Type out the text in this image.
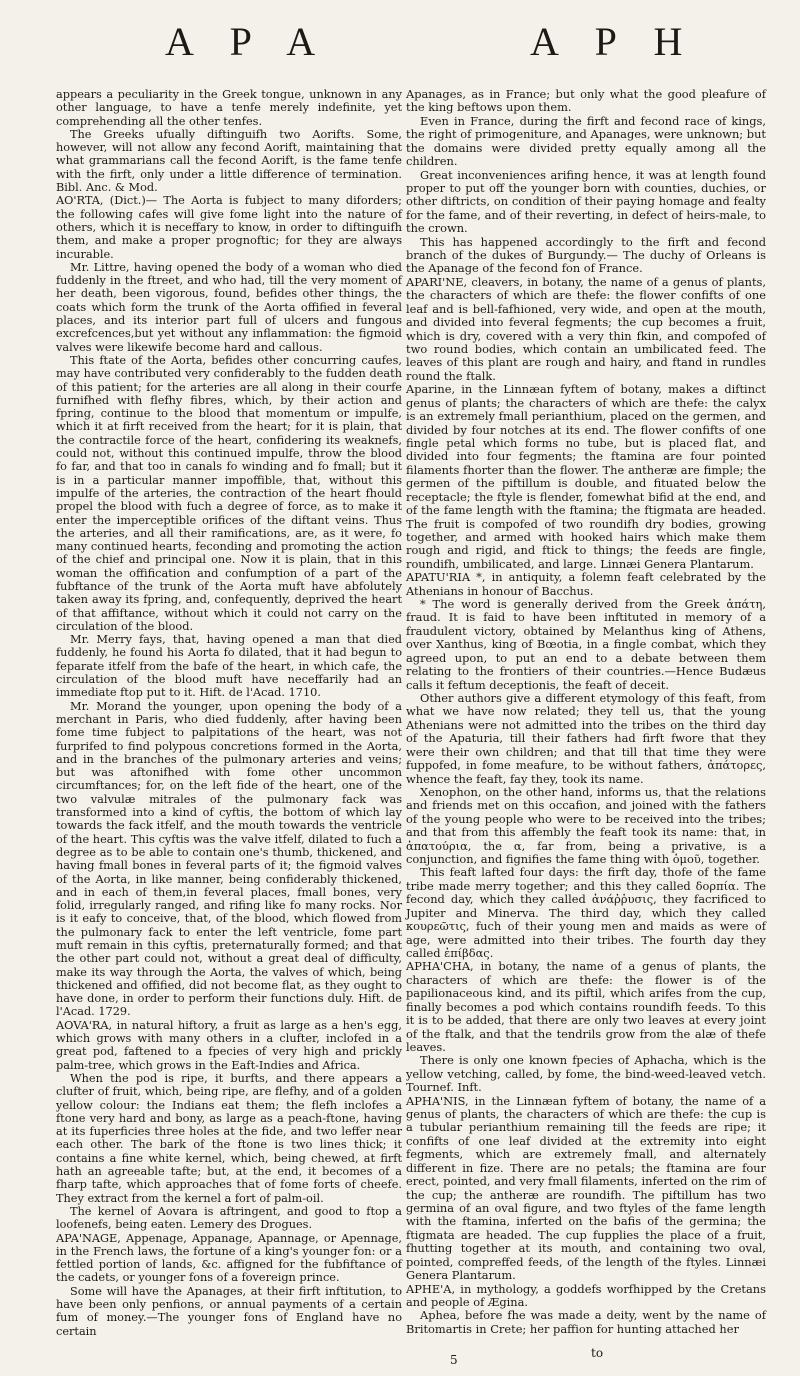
A P A	A P H

appears a peculiarity in the Greek tongue, unknown in any other language, to have a tenfe merely indefinite, yet comprehending all the other tenfes.

The Greeks ufually diftinguifh two Aorifts. Some, however, will not allow any fecond Aorift, maintaining that what grammarians call the fecond Aorift, is the fame tenfe with the firft, only under a little difference of termination. Bibl. Anc. & Mod.

AO'RTA, (Dict.)— The Aorta is fubject to many diforders; the following cafes will give fome light into the nature of others, which it is neceffary to know, in order to diftinguifh them, and make a proper prognoftic; for they are always incurable.

Mr. Littre, having opened the body of a woman who died fuddenly in the ftreet, and who had, till the very moment of her death, been vigorous, found, befides other things, the coats which form the trunk of the Aorta offified in feveral places, and its interior part full of ulcers and fungous excrefcences,but yet without any inflammation: the figmoid valves were likewife become hard and callous.

This ftate of the Aorta, befides other concurring caufes, may have contributed very confiderably to the fudden death of this patient; for the arteries are all along in their courfe furnifhed with flefhy fibres, which, by their action and fpring, continue to the blood that momentum or impulfe, which it at firft received from the heart; for it is plain, that the contractile force of the heart, confidering its weaknefs, could not, without this continued impulfe, throw the blood fo far, and that too in canals fo winding and fo fmall; but it is in a particular manner impoffible, that, without this impulfe of the arteries, the contraction of the heart fhould propel the blood with fuch a degree of force, as to make it enter the imperceptible orifices of the diftant veins. Thus the arteries, and all their ramifications, are, as it were, fo many continued hearts, feconding and promoting the action of the chief and principal one. Now it is plain, that in this woman the offification and confumption of a part of the fubftance of the trunk of the Aorta muft have abfolutely taken away its fpring, and, confequently, deprived the heart of that affiftance, without which it could not carry on the circulation of the blood.

Mr. Merry fays, that, having opened a man that died fuddenly, he found his Aorta fo dilated, that it had begun to feparate itfelf from the bafe of the heart, in which cafe, the circulation of the blood muft have neceffarily had an immediate ftop put to it. Hift. de l'Acad. 1710.

Mr. Morand the younger, upon opening the body of a merchant in Paris, who died fuddenly, after having been fome time fubject to palpitations of the heart, was not furprifed to find polypous concretions formed in the Aorta, and in the branches of the pulmonary arteries and veins; but was aftonifhed with fome other uncommon circumftances; for, on the left fide of the heart, one of the two valvulæ mitrales of the pulmonary fack was transformed into a kind of cyftis, the bottom of which lay towards the fack itfelf, and the mouth towards the ventricle of the heart. This cyftis was the valve itfelf, dilated to fuch a degree as to be able to contain one's thumb, thickened, and having fmall bones in feveral parts of it; the figmoid valves of the Aorta, in like manner, being confiderably thickened, and in each of them,in feveral places, fmall bones, very folid, irregularly ranged, and rifing like fo many rocks. Nor is it eafy to conceive, that, of the blood, which flowed from the pulmonary fack to enter the left ventricle, fome part muft remain in this cyftis, preternaturally formed; and that the other part could not, without a great deal of difficulty, make its way through the Aorta, the valves of which, being thickened and offified, did not become flat, as they ought to have done, in order to perform their functions duly. Hift. de l'Acad. 1729.

AOVA'RA, in natural hiftory, a fruit as large as a hen's egg, which grows with many others in a clufter, inclofed in a great pod, faftened to a fpecies of very high and prickly palm-tree, which grows in the Eaft-Indies and Africa.

When the pod is ripe, it burfts, and there appears a clufter of fruit, which, being ripe, are flefhy, and of a golden yellow colour: the Indians eat them; the flefh inclofes a ftone very hard and bony, as large as a peach-ftone, having at its fuperficies three holes at the fide, and two leffer near each other. The bark of the ftone is two lines thick; it contains a fine white kernel, which, being chewed, at firft hath an agreeable tafte; but, at the end, it becomes of a fharp tafte, which approaches that of fome forts of cheefe. They extract from the kernel a fort of palm-oil.

The kernel of Aovara is aftringent, and good to ftop a loofenefs, being eaten. Lemery des Drogues.

APA'NAGE, Appenage, Appanage, Apannage, or Apennage, in the French laws, the fortune of a king's younger fon: or a fettled portion of lands, &c. affigned for the fubfiftance of the cadets, or younger fons of a fovereign prince.

Some will have the Apanages, at their firft inftitution, to have been only penfions, or annual payments of a certain fum of money.—The younger fons of England have no certain

Apanages, as in France; but only what the good pleafure of the king beftows upon them.

Even in France, during the firft and fecond race of kings, the right of primogeniture, and Apanages, were unknown; but the domains were divided pretty equally among all the children.

Great inconveniences arifing hence, it was at length found proper to put off the younger born with counties, duchies, or other diftricts, on condition of their paying homage and fealty for the fame, and of their reverting, in defect of heirs-male, to the crown.

This has happened accordingly to the firft and fecond branch of the dukes of Burgundy.— The duchy of Orleans is the Apanage of the fecond fon of France.

APARI'NE, cleavers, in botany, the name of a genus of plants, the characters of which are thefe: the flower confifts of one leaf and is bell-fafhioned, very wide, and open at the mouth, and divided into feveral fegments; the cup becomes a fruit, which is dry, covered with a very thin fkin, and compofed of two round bodies, which contain an umbilicated feed. The leaves of this plant are rough and hairy, and ftand in rundles round the ftalk.

Aparine, in the Linnæan fyftem of botany, makes a diftinct genus of plants; the characters of which are thefe: the calyx is an extremely fmall perianthium, placed on the germen, and divided by four notches at its end. The flower confifts of one fingle petal which forms no tube, but is placed flat, and divided into four fegments; the ftamina are four pointed filaments fhorter than the flower. The antheræ are fimple; the germen of the piftillum is double, and fituated below the receptacle; the ftyle is flender, fomewhat bifid at the end, and of the fame length with the ftamina; the ftigmata are headed. The fruit is compofed of two roundifh dry bodies, growing together, and armed with hooked hairs which make them rough and rigid, and ftick to things; the feeds are fingle, roundifh, umbilicated, and large. Linnæi Genera Plantarum.

APATU'RIA *, in antiquity, a folemn feaft celebrated by the Athenians in honour of Bacchus.

* The word is generally derived from the Greek ἀπάτη, fraud. It is faid to have been inftituted in memory of a fraudulent victory, obtained by Melanthus king of Athens, over Xanthus, king of Bœotia, in a fingle combat, which they agreed upon, to put an end to a debate between them relating to the frontiers of their countries.—Hence Budæus calls it feftum deceptionis, the feaft of deceit.

Other authors give a different etymology of this feaft, from what we have now related; they tell us, that the young Athenians were not admitted into the tribes on the third day of the Apaturia, till their fathers had firft fwore that they were their own children; and that till that time they were fuppofed, in fome meafure, to be without fathers, ἀπάτορες, whence the feaft, fay they, took its name.

Xenophon, on the other hand, informs us, that the relations and friends met on this occafion, and joined with the fathers of the young people who were to be received into the tribes; and that from this affembly the feaft took its name: that, in ἀπατούρια, the α, far from, being a privative, is a conjunction, and fignifies the fame thing with ὁμοῦ, together.

This feaft lafted four days: the firft day, thofe of the fame tribe made merry together; and this they called δορπία. The fecond day, which they called ἀνάῤῥυσις, they facrificed to Jupiter and Minerva. The third day, which they called κουρεῶτις, fuch of their young men and maids as were of age, were admitted into their tribes. The fourth day they called ἐπίβδας.

APHA'CHA, in botany, the name of a genus of plants, the characters of which are thefe: the flower is of the papilionaceous kind, and its piftil, which arifes from the cup, finally becomes a pod which contains roundifh feeds. To this it is to be added, that there are only two leaves at every joint of the ftalk, and that the tendrils grow from the alæ of thefe leaves.

There is only one known fpecies of Aphacha, which is the yellow vetching, called, by fome, the bind-weed-leaved vetch. Tournef. Inft.

APHA'NIS, in the Linnæan fyftem of botany, the name of a genus of plants, the characters of which are thefe: the cup is a tubular perianthium remaining till the feeds are ripe; it confifts of one leaf divided at the extremity into eight fegments, which are extremely fmall, and alternately different in fize. There are no petals; the ftamina are four erect, pointed, and very fmall filaments, inferted on the rim of the cup; the antheræ are roundifh. The piftillum has two germina of an oval figure, and two ftyles of the fame length with the ftamina, inferted on the bafis of the germina; the ftigmata are headed. The cup fupplies the place of a fruit, fhutting together at its mouth, and containing two oval, pointed, compreffed feeds, of the length of the ftyles. Linnæi Genera Plantarum.

APHE'A, in mythology, a goddefs worfhipped by the Cretans and people of Ægina.

Aphea, before fhe was made a deity, went by the name of Britomartis in Crete; her paffion for hunting attached her

5	to
